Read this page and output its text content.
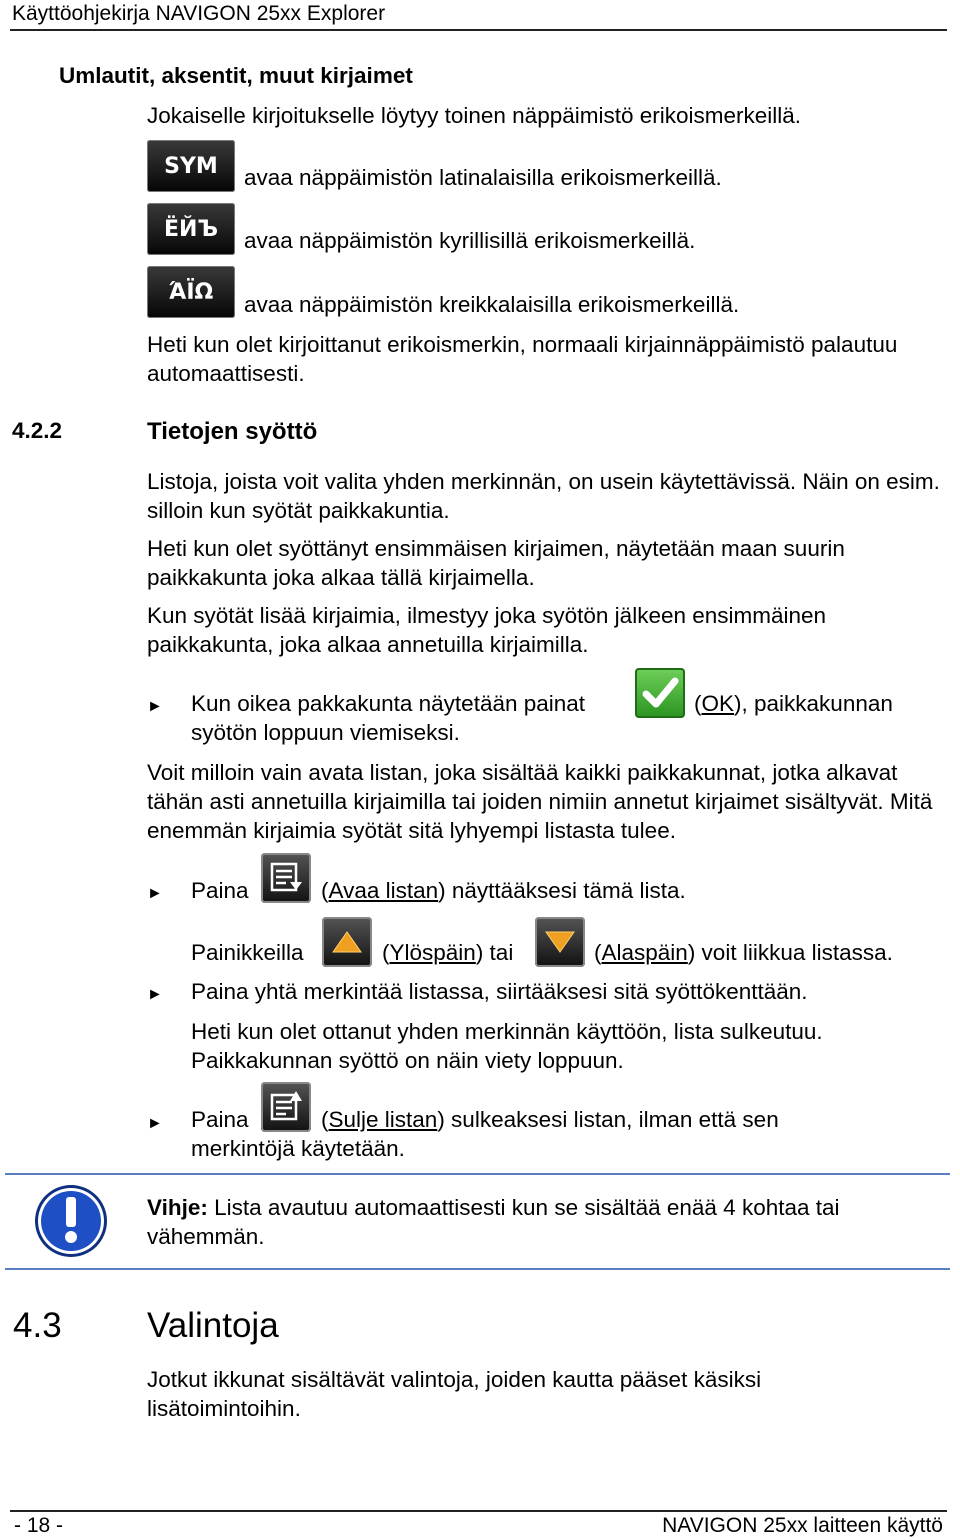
Käyttöohjekirja NAVIGON 25xx Explorer
Umlautit, aksentit, muut kirjaimet
Jokaiselle kirjoitukselle löytyy toinen näppäimistö erikoismerkeillä.
SYM avaa näppäimistön latinalaisilla erikoismerkeillä.
ЁЙЪ avaa näppäimistön kyrillisillä erikoismerkeillä.
ΆΪΩ avaa näppäimistön kreikkalaisilla erikoismerkeillä.
Heti kun olet kirjoittanut erikoismerkin, normaali kirjainnäppäimistö palautuu automaattisesti.
4.2.2	Tietojen syöttö
Listoja, joista voit valita yhden merkinnän, on usein käytettävissä. Näin on esim. silloin kun syötät paikkakuntia.
Heti kun olet syöttänyt ensimmäisen kirjaimen, näytetään maan suurin paikkakunta joka alkaa tällä kirjaimella.
Kun syötät lisää kirjaimia, ilmestyy joka syötön jälkeen ensimmäinen paikkakunta, joka alkaa annetuilla kirjaimilla.
► Kun oikea pakkakunta näytetään painat	(OK), paikkakunnan
syötön loppuun viemiseksi.
Voit milloin vain avata listan, joka sisältää kaikki paikkakunnat, jotka alkavat tähän asti annetuilla kirjaimilla tai joiden nimiin annetut kirjaimet sisältyvät. Mitä enemmän kirjaimia syötät sitä lyhyempi listasta tulee.
► Paina	(Avaa listan) näyttääksesi tämä lista.
Painikkeilla	(Ylöspäin) tai	(Alaspäin) voit liikkua listassa.
► Paina yhtä merkintää listassa, siirtääksesi sitä syöttökenttään.
Heti kun olet ottanut yhden merkinnän käyttöön, lista sulkeutuu. Paikkakunnan syöttö on näin viety loppuun.
► Paina	(Sulje listan) sulkeaksesi listan, ilman että sen
merkintöjä käytetään.
Vihje: Lista avautuu automaattisesti kun se sisältää enää 4 kohtaa tai vähemmän.
4.3 Valintoja
Jotkut ikkunat sisältävät valintoja, joiden kautta pääset käsiksi lisätoimintoihin.
- 18 -	NAVIGON 25xx laitteen käyttö
